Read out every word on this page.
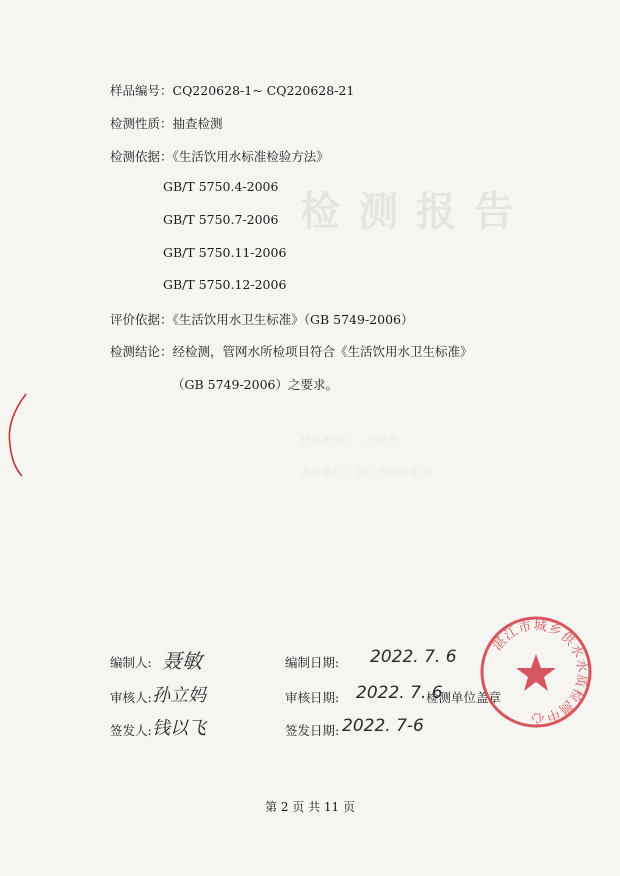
检测报告
样品类别：二次供水
委托单位：湛江市城乡供水
样品编号：CQ220628-1~ CQ220628-21
检测性质：抽查检测
检测依据：《生活饮用水标准检验方法》
GB/T 5750.4-2006
GB/T 5750.7-2006
GB/T 5750.11-2006
GB/T 5750.12-2006
评价依据：《生活饮用水卫生标准》（GB 5749-2006）
检测结论：经检测，管网水所检项目符合《生活饮用水卫生标准》
（GB 5749-2006）之要求。
编制人: 聂敏	编制日期: 2022. 7. 6
审核人: 孙立妈	审核日期: 2022. 7. 6
检测单位盖章
签发人: 钱以飞	签发日期: 2022. 7-6
湛江市城乡供水水质检测中心
第 2 页 共 11 页
